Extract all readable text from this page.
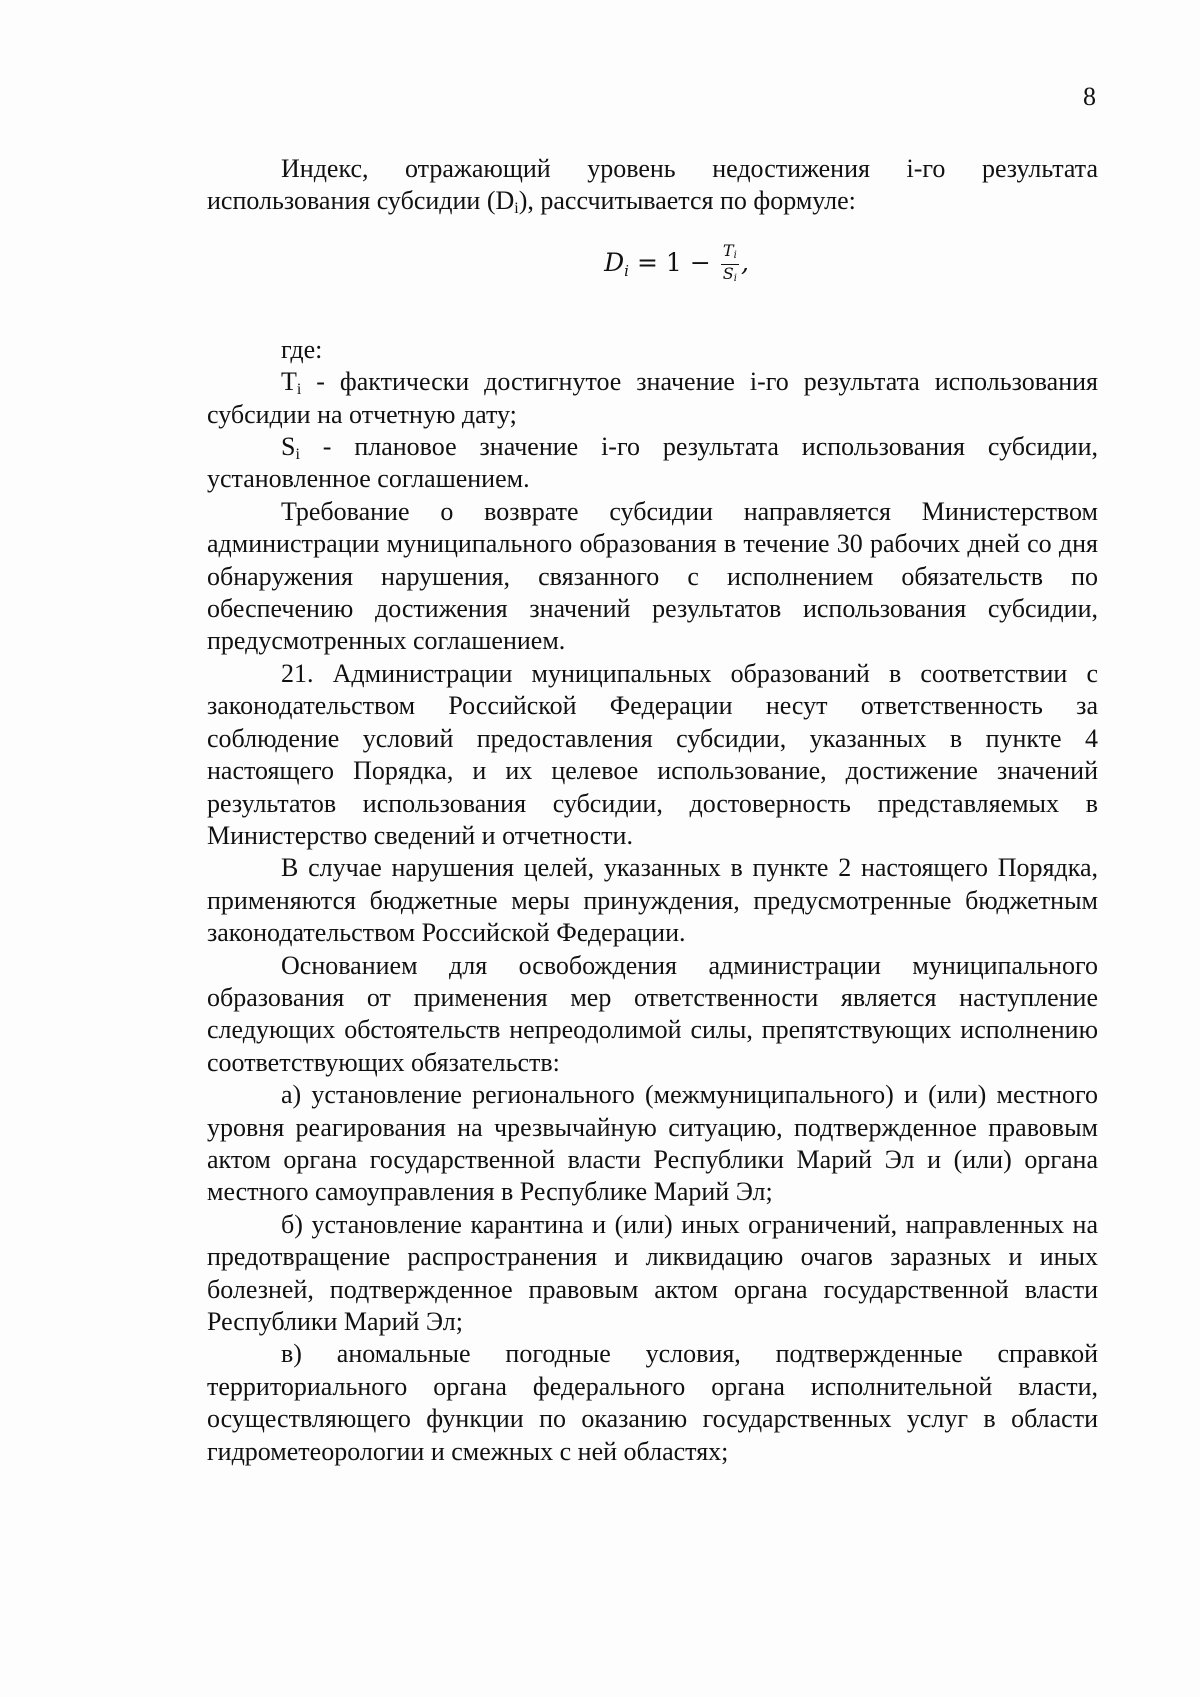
8

Индекс, отражающий уровень недостижения i-го результата использования субсидии $(D_i)$, рассчитывается по формуле:

$D_i = 1 - \frac{Ti}{Si}$ ,

где:

$T_i$ - фактически достигнутое значение i-го результата использования субсидии на отчетную дату;

$S_i$ - плановое значение i-го результата использования субсидии, установленное соглашением.

Требование о возврате субсидии направляется Министерством администрации муниципального образования в течение 30 рабочих дней со дня обнаружения нарушения, связанного с исполнением обязательств по обеспечению достижения значений результатов использования субсидии, предусмотренных соглашением.

21. Администрации муниципальных образований в соответствии с законодательством Российской Федерации несут ответственность за соблюдение условий предоставления субсидии, указанных в пункте 4 настоящего Порядка, и их целевое использование, достижение значений результатов использования субсидии, достоверность представляемых в Министерство сведений и отчетности.

В случае нарушения целей, указанных в пункте 2 настоящего Порядка, применяются бюджетные меры принуждения, предусмотренные бюджетным законодательством Российской Федерации.

Основанием для освобождения администрации муниципального образования от применения мер ответственности является наступление следующих обстоятельств непреодолимой силы, препятствующих исполнению соответствующих обязательств:

а) установление регионального (межмуниципального) и (или) местного уровня реагирования на чрезвычайную ситуацию, подтвержденное правовым актом органа государственной власти Республики Марий Эл и (или) органа местного самоуправления в Республике Марий Эл;

б) установление карантина и (или) иных ограничений, направленных на предотвращение распространения и ликвидацию очагов заразных и иных болезней, подтвержденное правовым актом органа государственной власти Республики Марий Эл;

в) аномальные погодные условия, подтвержденные справкой территориального органа федерального органа исполнительной власти, осуществляющего функции по оказанию государственных услуг в области гидрометеорологии и смежных с ней областях;
